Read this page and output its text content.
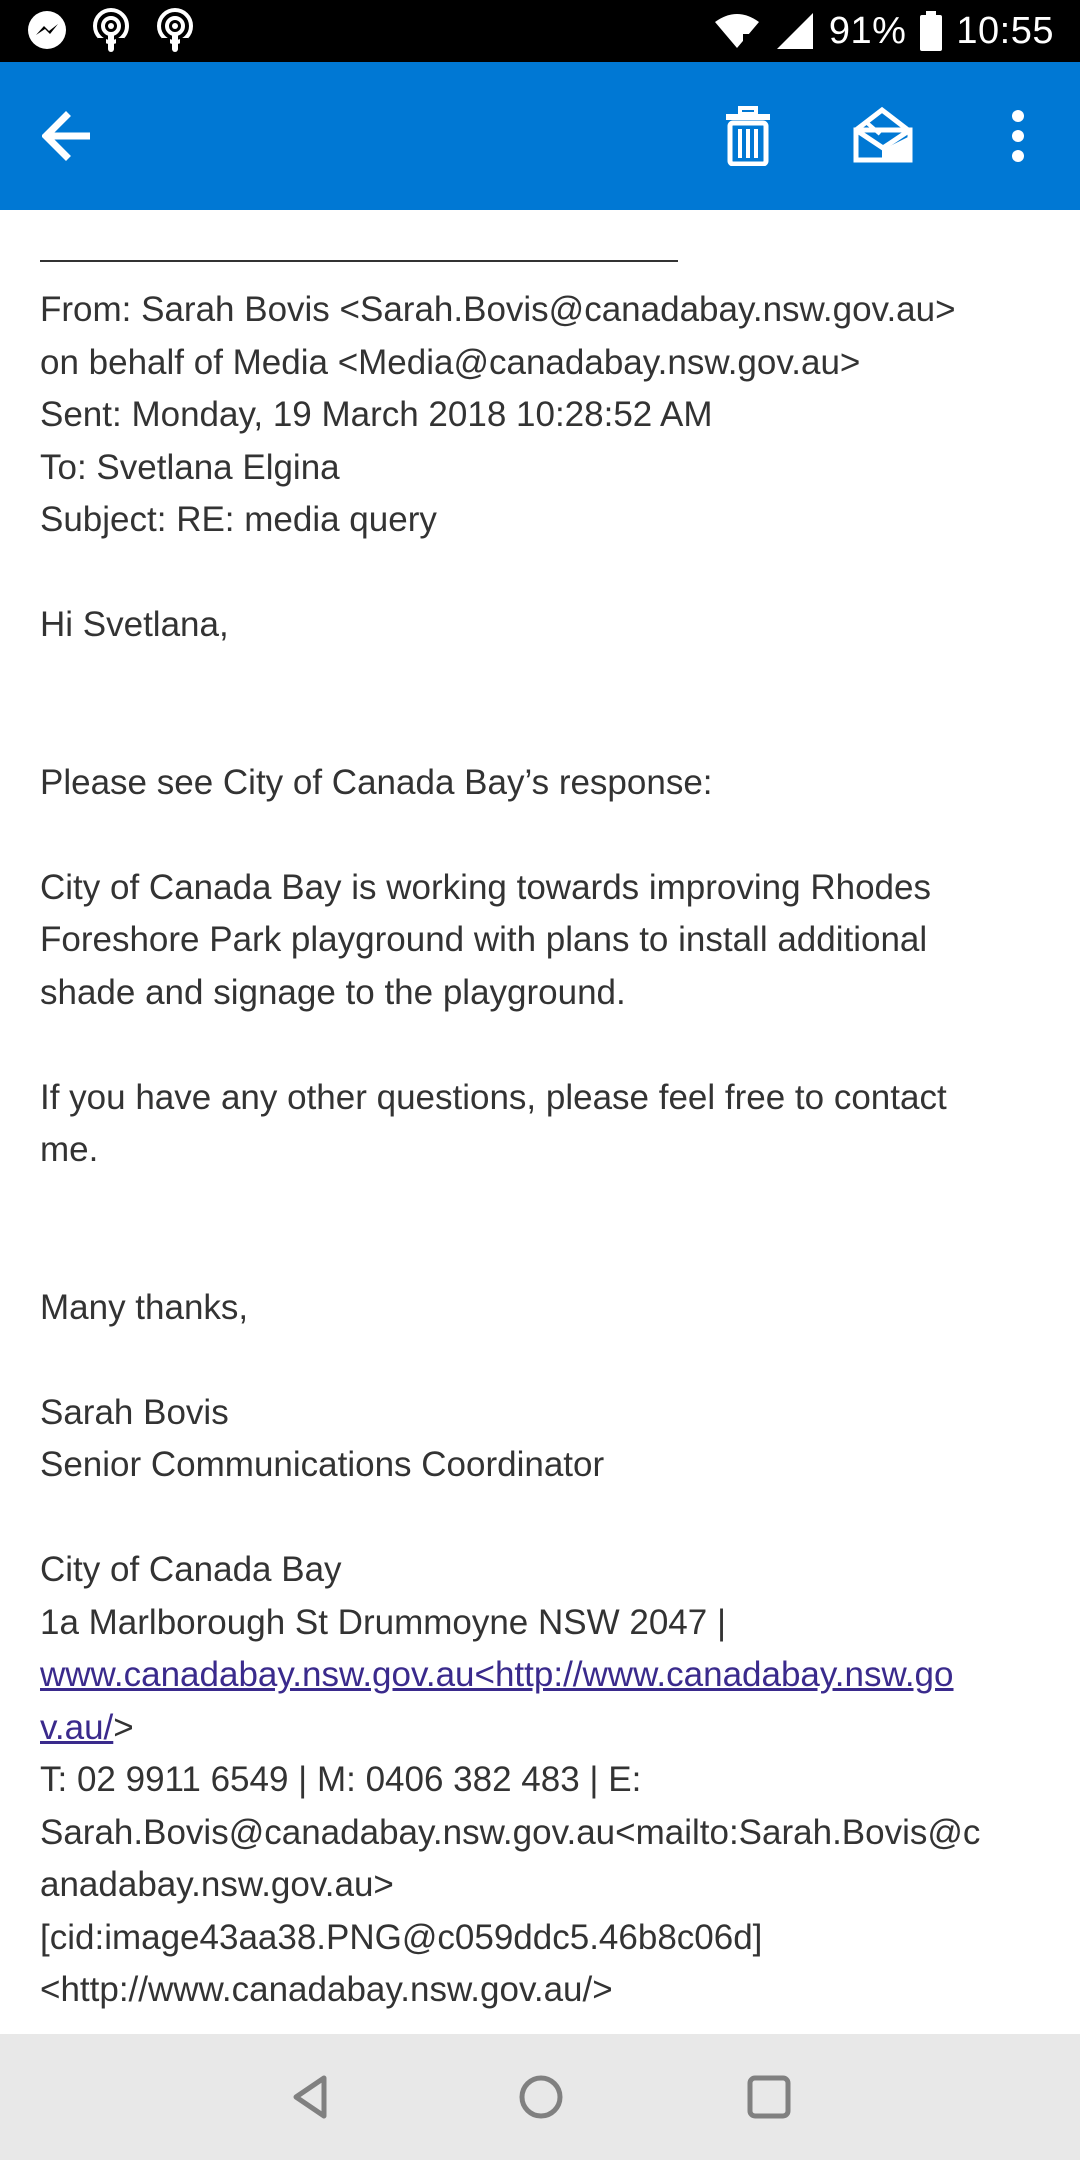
91% 10:55
From: Sarah Bovis <Sarah.Bovis@canadabay.nsw.gov.au>
on behalf of Media <Media@canadabay.nsw.gov.au>
Sent: Monday, 19 March 2018 10:28:52 AM
To: Svetlana Elgina
Subject: RE: media query
Hi Svetlana,
Please see City of Canada Bay’s response:
City of Canada Bay is working towards improving Rhodes
Foreshore Park playground with plans to install additional
shade and signage to the playground.
If you have any other questions, please feel free to contact
me.
Many thanks,
Sarah Bovis
Senior Communications Coordinator
City of Canada Bay
1a Marlborough St Drummoyne NSW 2047 |
www.canadabay.nsw.gov.au<http://www.canadabay.nsw.go
v.au/>
T: 02 9911 6549 | M: 0406 382 483 | E:
Sarah.Bovis@canadabay.nsw.gov.au<mailto:Sarah.Bovis@c
anadabay.nsw.gov.au>
[cid:image43aa38.PNG@c059ddc5.46b8c06d]
<http://www.canadabay.nsw.gov.au/>
